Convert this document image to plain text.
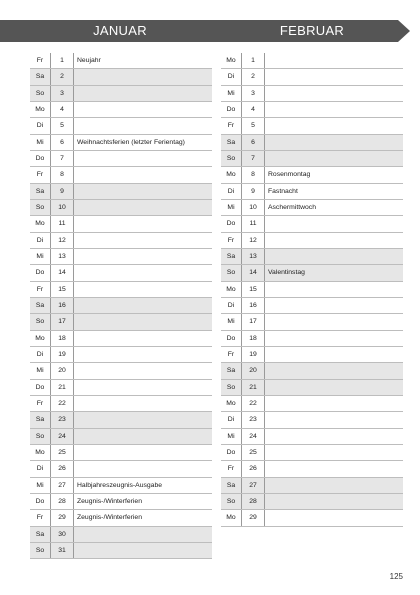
JANUAR	FEBRUAR
Fr	1	Neujahr
Sa	2	
So	3	
Mo	4	
Di	5	
Mi	6	Weihnachtsferien (letzter Ferientag)
Do	7	
Fr	8	
Sa	9	
So	10	
Mo	11	
Di	12	
Mi	13	
Do	14	
Fr	15	
Sa	16	
So	17	
Mo	18	
Di	19	
Mi	20	
Do	21	
Fr	22	
Sa	23	
So	24	
Mo	25	
Di	26	
Mi	27	Halbjahreszeugnis-Ausgabe
Do	28	Zeugnis-/Winterferien
Fr	29	Zeugnis-/Winterferien
Sa	30	
So	31	
Mo	1	
Di	2	
Mi	3	
Do	4	
Fr	5	
Sa	6	
So	7	
Mo	8	Rosenmontag
Di	9	Fastnacht
Mi	10	Aschermittwoch
Do	11	
Fr	12	
Sa	13	
So	14	Valentinstag
Mo	15	
Di	16	
Mi	17	
Do	18	
Fr	19	
Sa	20	
So	21	
Mo	22	
Di	23	
Mi	24	
Do	25	
Fr	26	
Sa	27	
So	28	
Mo	29	
125
